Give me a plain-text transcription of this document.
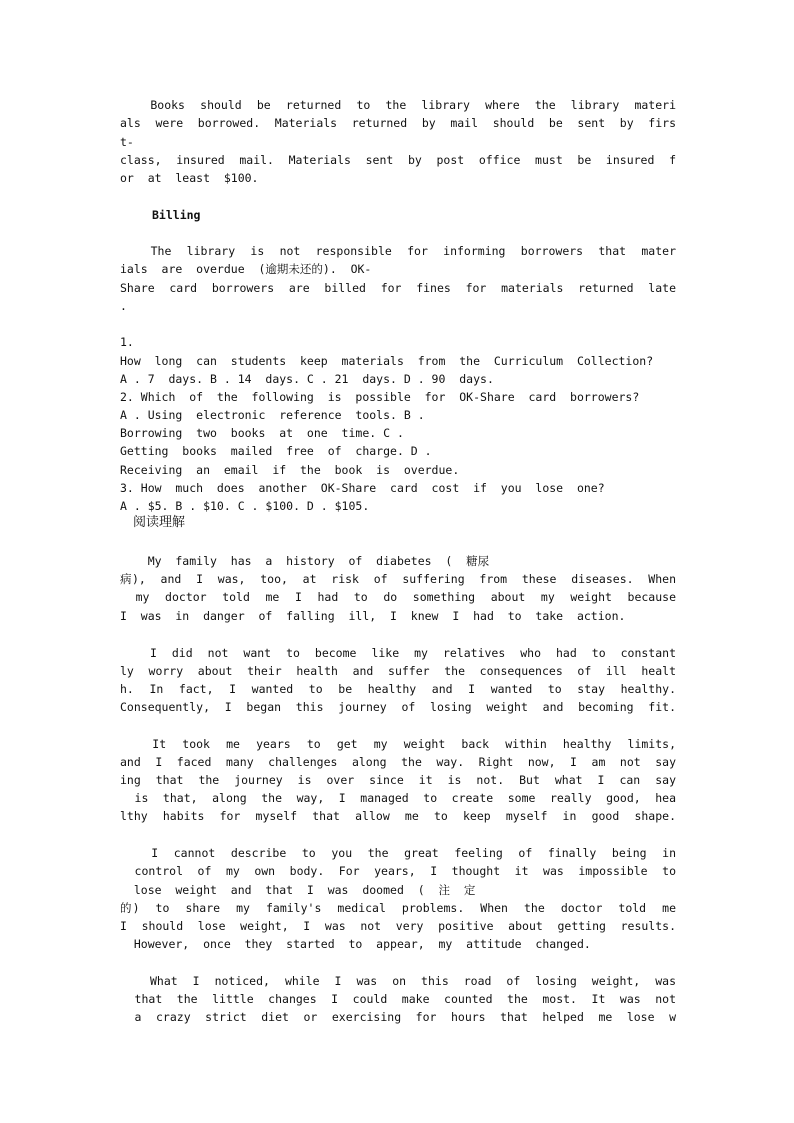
Books  should  be  returned  to  the  library  where  the  library  materi
als  were  borrowed.  Materials  returned  by  mail  should  be  sent  by  firs
t-
class,  insured  mail.  Materials  sent  by  post  office  must  be  insured  f
or  at  least  $100.
Billing
The  library  is  not  responsible  for  informing  borrowers  that  mater
ials  are  overdue  (逾期未还的).  OK-
Share  card  borrowers  are  billed  for  fines  for  materials  returned  late
.
1.
How  long  can  students  keep  materials  from  the  Curriculum  Collection?
A . 7  days. B . 14  days. C . 21  days. D . 90  days.
2. Which  of  the  following  is  possible  for  OK-Share  card  borrowers?
A . Using  electronic  reference  tools. B .
Borrowing  two  books  at  one  time. C .
Getting  books  mailed  free  of  charge. D .
Receiving  an  email  if  the  book  is  overdue.
3. How  much  does  another  OK-Share  card  cost  if  you  lose  one?
A . $5. B . $10. C . $100. D . $105.
阅读理解
My  family  has  a  history  of  diabetes  (  糖尿
病),  and  I  was,  too,  at  risk  of  suffering  from  these  diseases.  When
my  doctor  told  me  I  had  to  do  something  about  my  weight  because
I  was  in  danger  of  falling  ill,  I  knew  I  had  to  take  action.
I  did  not  want  to  become  like  my  relatives  who  had  to  constant
ly  worry  about  their  health  and  suffer  the  consequences  of  ill  healt
h.  In  fact,  I  wanted  to  be  healthy  and  I  wanted  to  stay  healthy.
Consequently,  I  began  this  journey  of  losing  weight  and  becoming  fit.
It  took  me  years  to  get  my  weight  back  within  healthy  limits,
and  I  faced  many  challenges  along  the  way.  Right  now,  I  am  not  say
ing  that  the  journey  is  over  since  it  is  not.  But  what  I  can  say
is  that,  along  the  way,  I  managed  to  create  some  really  good,  hea
lthy  habits  for  myself  that  allow  me  to  keep  myself  in  good  shape.
I  cannot  describe  to  you  the  great  feeling  of  finally  being  in
control  of  my  own  body.  For  years,  I  thought  it  was  impossible  to
lose  weight  and  that  I  was  doomed  (  注  定
的)  to  share  my  family's  medical  problems.  When  the  doctor  told  me
I  should  lose  weight,  I  was  not  very  positive  about  getting  results.
However,  once  they  started  to  appear,  my  attitude  changed.
What  I  noticed,  while  I  was  on  this  road  of  losing  weight,  was
that  the  little  changes  I  could  make  counted  the  most.  It  was  not
a  crazy  strict  diet  or  exercising  for  hours  that  helped  me  lose  w
